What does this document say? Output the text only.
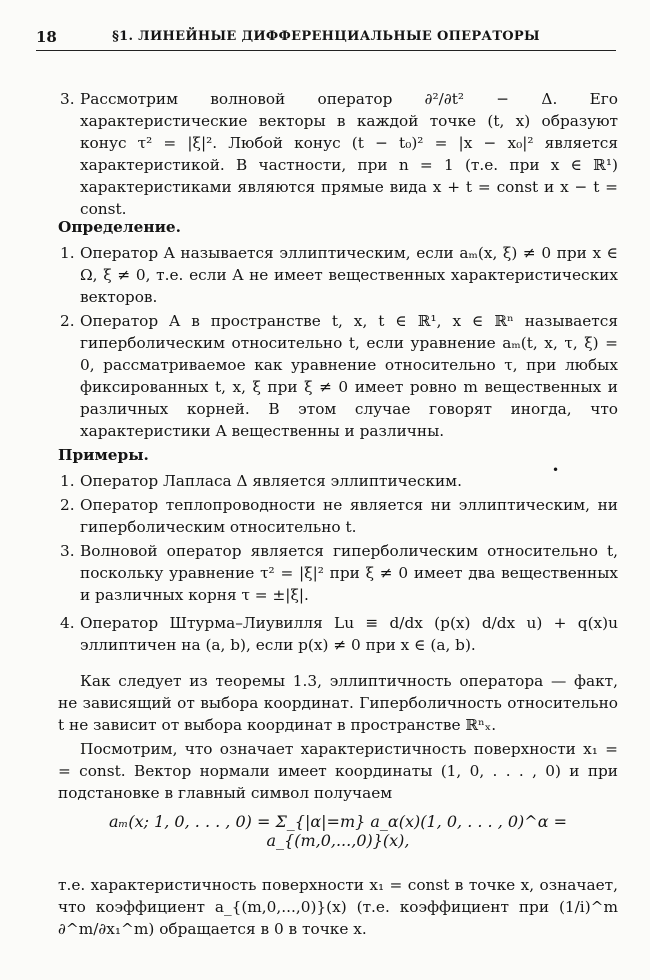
18	§1. ЛИНЕЙНЫЕ ДИФФЕРЕНЦИАЛЬНЫЕ ОПЕРАТОРЫ
3. Рассмотрим волновой оператор ∂²/∂t² − Δ. Его характеристические векторы в каждой точке (t, x) образуют конус τ² = |ξ|². Любой конус (t − t₀)² = |x − x₀|² является характеристикой. В частности, при n = 1 (т.е. при x ∈ ℝ¹) характеристиками являются прямые вида x + t = const и x − t = const.
Определение.
1. Оператор A называется эллиптическим, если aₘ(x, ξ) ≠ 0 при x ∈ Ω, ξ ≠ 0, т.е. если A не имеет вещественных характеристических векторов.
2. Оператор A в пространстве t, x, t ∈ ℝ¹, x ∈ ℝⁿ называется гиперболическим относительно t, если уравнение aₘ(t, x, τ, ξ) = 0, рассматриваемое как уравнение относительно τ, при любых фиксированных t, x, ξ при ξ ≠ 0 имеет ровно m вещественных и различных корней. В этом случае говорят иногда, что характеристики A вещественны и различны.
Примеры.
•
1. Оператор Лапласа Δ является эллиптическим.
2. Оператор теплопроводности не является ни эллиптическим, ни гиперболическим относительно t.
3. Волновой оператор является гиперболическим относительно t, поскольку уравнение τ² = |ξ|² при ξ ≠ 0 имеет два вещественных и различных корня τ = ±|ξ|.
4. Оператор Штурма–Лиувилля Lu ≡ d/dx (p(x) d/dx u) + q(x)u эллиптичен на (a, b), если p(x) ≠ 0 при x ∈ (a, b).
Как следует из теоремы 1.3, эллиптичность оператора — факт, не зависящий от выбора координат. Гиперболичность относительно t не зависит от выбора координат в пространстве ℝⁿₓ.
Посмотрим, что означает характеристичность поверхности x₁ = = const. Вектор нормали имеет координаты (1, 0, . . . , 0) и при подстановке в главный символ получаем
aₘ(x; 1, 0, . . . , 0) = Σ_{|α|=m} a_α(x)(1, 0, . . . , 0)^α = a_{(m,0,...,0)}(x),
т.е. характеристичность поверхности x₁ = const в точке x, означает, что коэффициент a_{(m,0,...,0)}(x) (т.е. коэффициент при (1/i)^m ∂^m/∂x₁^m) обращается в 0 в точке x.
